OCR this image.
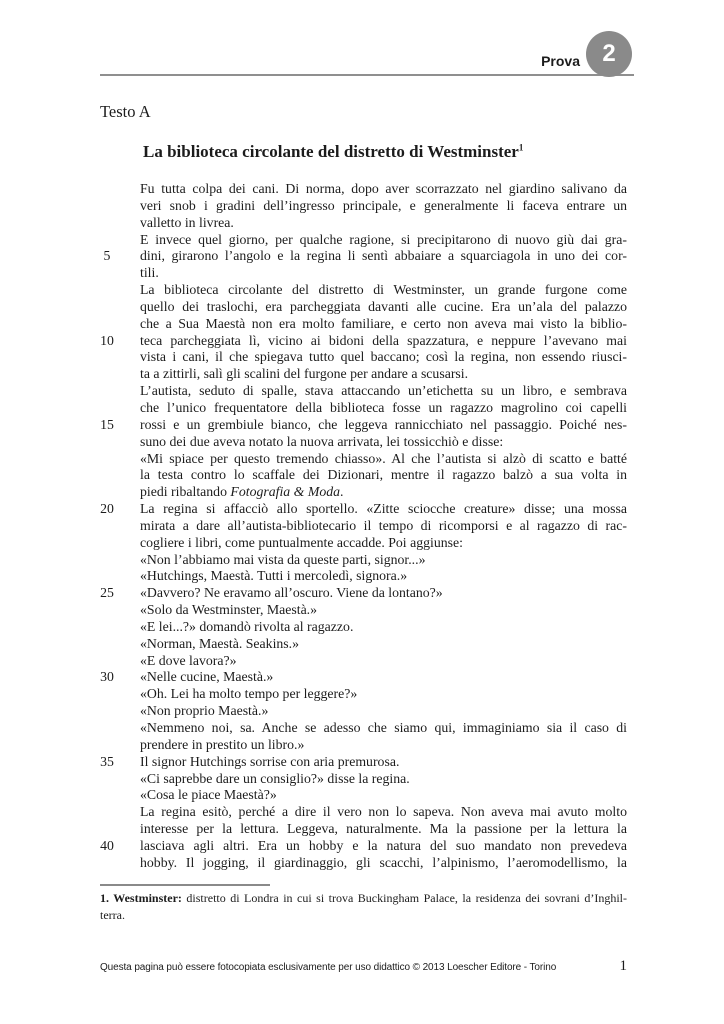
Prova 2
Testo A
La biblioteca circolante del distretto di Westminster$^1$
Fu tutta colpa dei cani. Di norma, dopo aver scorrazzato nel giardino salivano da
veri snob i gradini dell’ingresso principale, e generalmente li faceva entrare un
valletto in livrea.
E invece quel giorno, per qualche ragione, si precipitarono di nuovo giù dai gra-
5	dini, girarono l’angolo e la regina li sentì abbaiare a squarciagola in uno dei cor-
tili.
La biblioteca circolante del distretto di Westminster, un grande furgone come
quello dei traslochi, era parcheggiata davanti alle cucine. Era un’ala del palazzo
che a Sua Maestà non era molto familiare, e certo non aveva mai visto la biblio-
10	teca parcheggiata lì, vicino ai bidoni della spazzatura, e neppure l’avevano mai
vista i cani, il che spiegava tutto quel baccano; così la regina, non essendo riusci-
ta a zittirli, salì gli scalini del furgone per andare a scusarsi.
L’autista, seduto di spalle, stava attaccando un’etichetta su un libro, e sembrava
che l’unico frequentatore della biblioteca fosse un ragazzo magrolino coi capelli
15	rossi e un grembiule bianco, che leggeva rannicchiato nel passaggio. Poiché nes-
suno dei due aveva notato la nuova arrivata, lei tossicchiò e disse:
«Mi spiace per questo tremendo chiasso». Al che l’autista si alzò di scatto e batté
la testa contro lo scaffale dei Dizionari, mentre il ragazzo balzò a sua volta in
piedi ribaltando Fotografia & Moda.
20	La regina si affacciò allo sportello. «Zitte sciocche creature» disse; una mossa
mirata a dare all’autista-bibliotecario il tempo di ricomporsi e al ragazzo di rac-
cogliere i libri, come puntualmente accadde. Poi aggiunse:
«Non l’abbiamo mai vista da queste parti, signor...»
«Hutchings, Maestà. Tutti i mercoledì, signora.»
25	«Davvero? Ne eravamo all’oscuro. Viene da lontano?»
«Solo da Westminster, Maestà.»
«E lei...?» domandò rivolta al ragazzo.
«Norman, Maestà. Seakins.»
«E dove lavora?»
30	«Nelle cucine, Maestà.»
«Oh. Lei ha molto tempo per leggere?»
«Non proprio Maestà.»
«Nemmeno noi, sa. Anche se adesso che siamo qui, immaginiamo sia il caso di
prendere in prestito un libro.»
35	Il signor Hutchings sorrise con aria premurosa.
«Ci saprebbe dare un consiglio?» disse la regina.
«Cosa le piace Maestà?»
La regina esitò, perché a dire il vero non lo sapeva. Non aveva mai avuto molto
interesse per la lettura. Leggeva, naturalmente. Ma la passione per la lettura la
40	lasciava agli altri. Era un hobby e la natura del suo mandato non prevedeva
hobby. Il jogging, il giardinaggio, gli scacchi, l’alpinismo, l’aeromodellismo, la
1. Westminster: distretto di Londra in cui si trova Buckingham Palace, la residenza dei sovrani d’Inghil-
terra.
Questa pagina può essere fotocopiata esclusivamente per uso didattico © 2013 Loescher Editore - Torino	1
